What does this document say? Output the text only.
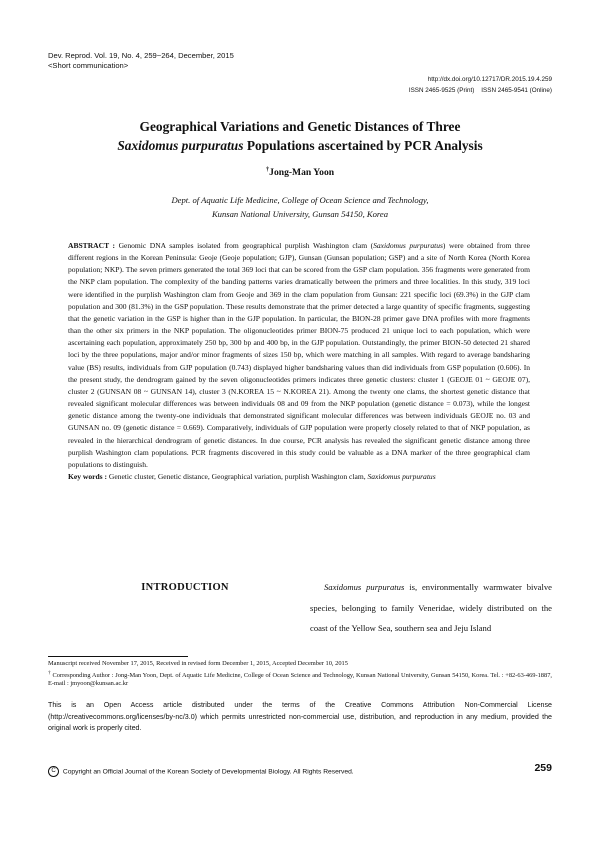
Dev. Reprod. Vol. 19, No. 4, 259~264, December, 2015
<Short communication>
http://dx.doi.org/10.12717/DR.2015.19.4.259
ISSN 2465-9525 (Print)    ISSN 2465-9541 (Online)
Geographical Variations and Genetic Distances of Three
Saxidomus purpuratus Populations ascertained by PCR Analysis
†Jong-Man Yoon
Dept. of Aquatic Life Medicine, College of Ocean Science and Technology,
Kunsan National University, Gunsan 54150, Korea

ABSTRACT : Genomic DNA samples isolated from geographical purplish Washington clam (Saxidomus purpuratus) were obtained from three different regions in the Korean Peninsula: Geoje (Geoje population; GJP), Gunsan (Gunsan population; GSP) and a site of North Korea (North Korea population; NKP). The seven primers generated the total 369 loci that can be scored from the GSP clam population. 356 fragments were generated from the NKP clam population. The complexity of the banding patterns varies dramatically between the primers and three localities. In this study, 319 loci were identified in the purplish Washington clam from Geoje and 369 in the clam population from Gunsan: 221 specific loci (69.3%) in the GJP clam population and 300 (81.3%) in the GSP population. These results demonstrate that the primer detected a large quantity of specific fragments, suggesting that the genetic variation in the GSP is higher than in the GJP population. In particular, the BION-28 primer gave DNA profiles with more fragments than the other six primers in the NKP population. The oligonucleotides primer BION-75 produced 21 unique loci to each population, which were ascertaining each population, approximately 250 bp, 300 bp and 400 bp, in the GJP population. Outstandingly, the primer BION-50 detected 21 shared loci by the three populations, major and/or minor fragments of sizes 150 bp, which were matching in all samples. With regard to average bandsharing value (BS) results, individuals from GJP population (0.743) displayed higher bandsharing values than did individuals from GSP population (0.606). In the present study, the dendrogram gained by the seven oligonucleotides primers indicates three genetic clusters: cluster 1 (GEOJE 01 ~ GEOJE 07), cluster 2 (GUNSAN 08 ~ GUNSAN 14), cluster 3 (N.KOREA 15 ~ N.KOREA 21). Among the twenty one clams, the shortest genetic distance that revealed significant molecular differences was between individuals 08 and 09 from the NKP population (genetic distance = 0.073), while the longest genetic distance among the twenty-one individuals that demonstrated significant molecular differences was between individuals GEOJE no. 03 and GUNSAN no. 09 (genetic distance = 0.669). Comparatively, individuals of GJP population were properly closely related to that of NKP population, as revealed in the hierarchical dendrogram of genetic distances. In due course, PCR analysis has revealed the significant genetic distance among three purplish Washington clam populations. PCR fragments discovered in this study could be valuable as a DNA marker of the three geographical clam populations to distinguish.

Key words : Genetic cluster, Genetic distance, Geographical variation, purplish Washington clam, Saxidomus purpuratus

INTRODUCTION	Saxidomus purpuratus is, environmentally warmwater bivalve species, belonging to family Veneridae, widely distributed on the coast of the Yellow Sea, southern sea and Jeju Island

Manuscript received November 17, 2015, Received in revised form December 1, 2015, Accepted December 10, 2015

† Corresponding Author : Jong-Man Yoon, Dept. of Aquatic Life Medicine, College of Ocean Science and Technology, Kunsan National University, Gunsan 54150, Korea. Tel. : +82-63-469-1887, E-mail : jmyoon@kunsan.ac.kr

This is an Open Access article distributed under the terms of the Creative Commons Attribution Non-Commercial License (http://creativecommons.org/licenses/by-nc/3.0) which permits unrestricted non-commercial use, distribution, and reproduction in any medium, provided the original work is properly cited.
C Copyright an Official Journal of the Korean Society of Developmental Biology. All Rights Reserved.	259
